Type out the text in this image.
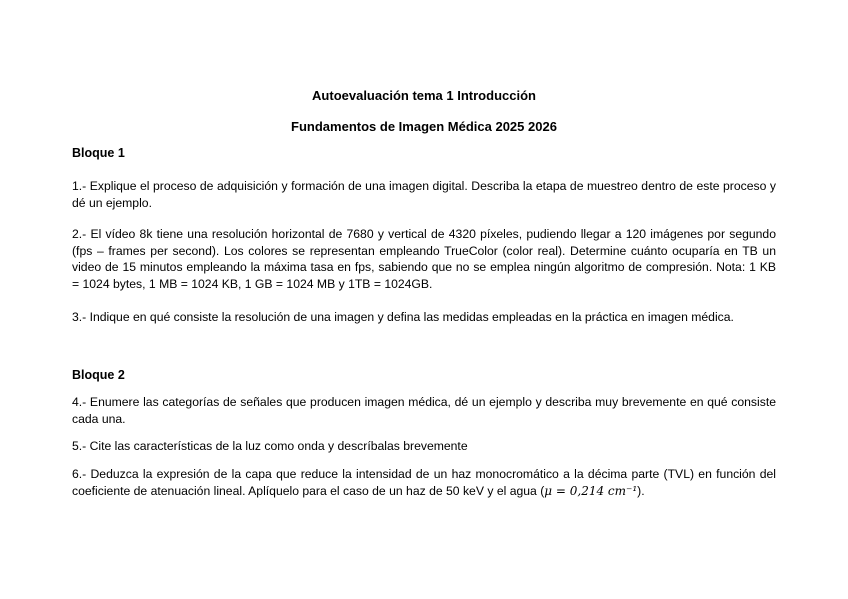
Autoevaluación tema 1 Introducción
Fundamentos de Imagen Médica 2025 2026
Bloque 1
1.- Explique el proceso de adquisición y formación de una imagen digital. Describa la etapa de muestreo dentro de este proceso y dé un ejemplo.
2.- El vídeo 8k tiene una resolución horizontal de 7680 y vertical de 4320 píxeles, pudiendo llegar a 120 imágenes por segundo (fps – frames per second). Los colores se representan empleando TrueColor (color real). Determine cuánto ocuparía en TB un video de 15 minutos empleando la máxima tasa en fps, sabiendo que no se emplea ningún algoritmo de compresión. Nota: 1 KB = 1024 bytes, 1 MB = 1024 KB, 1 GB = 1024 MB y 1TB = 1024GB.
3.- Indique en qué consiste la resolución de una imagen y defina las medidas empleadas en la práctica en imagen médica.
Bloque 2
4.- Enumere las categorías de señales que producen imagen médica, dé un ejemplo y describa muy brevemente en qué consiste cada una.
5.- Cite las características de la luz como onda y descríbalas brevemente
6.- Deduzca la expresión de la capa que reduce la intensidad de un haz monocromático a la décima parte (TVL) en función del coeficiente de atenuación lineal. Aplíquelo para el caso de un haz de 50 keV y el agua (μ = 0,214 cm⁻¹).
